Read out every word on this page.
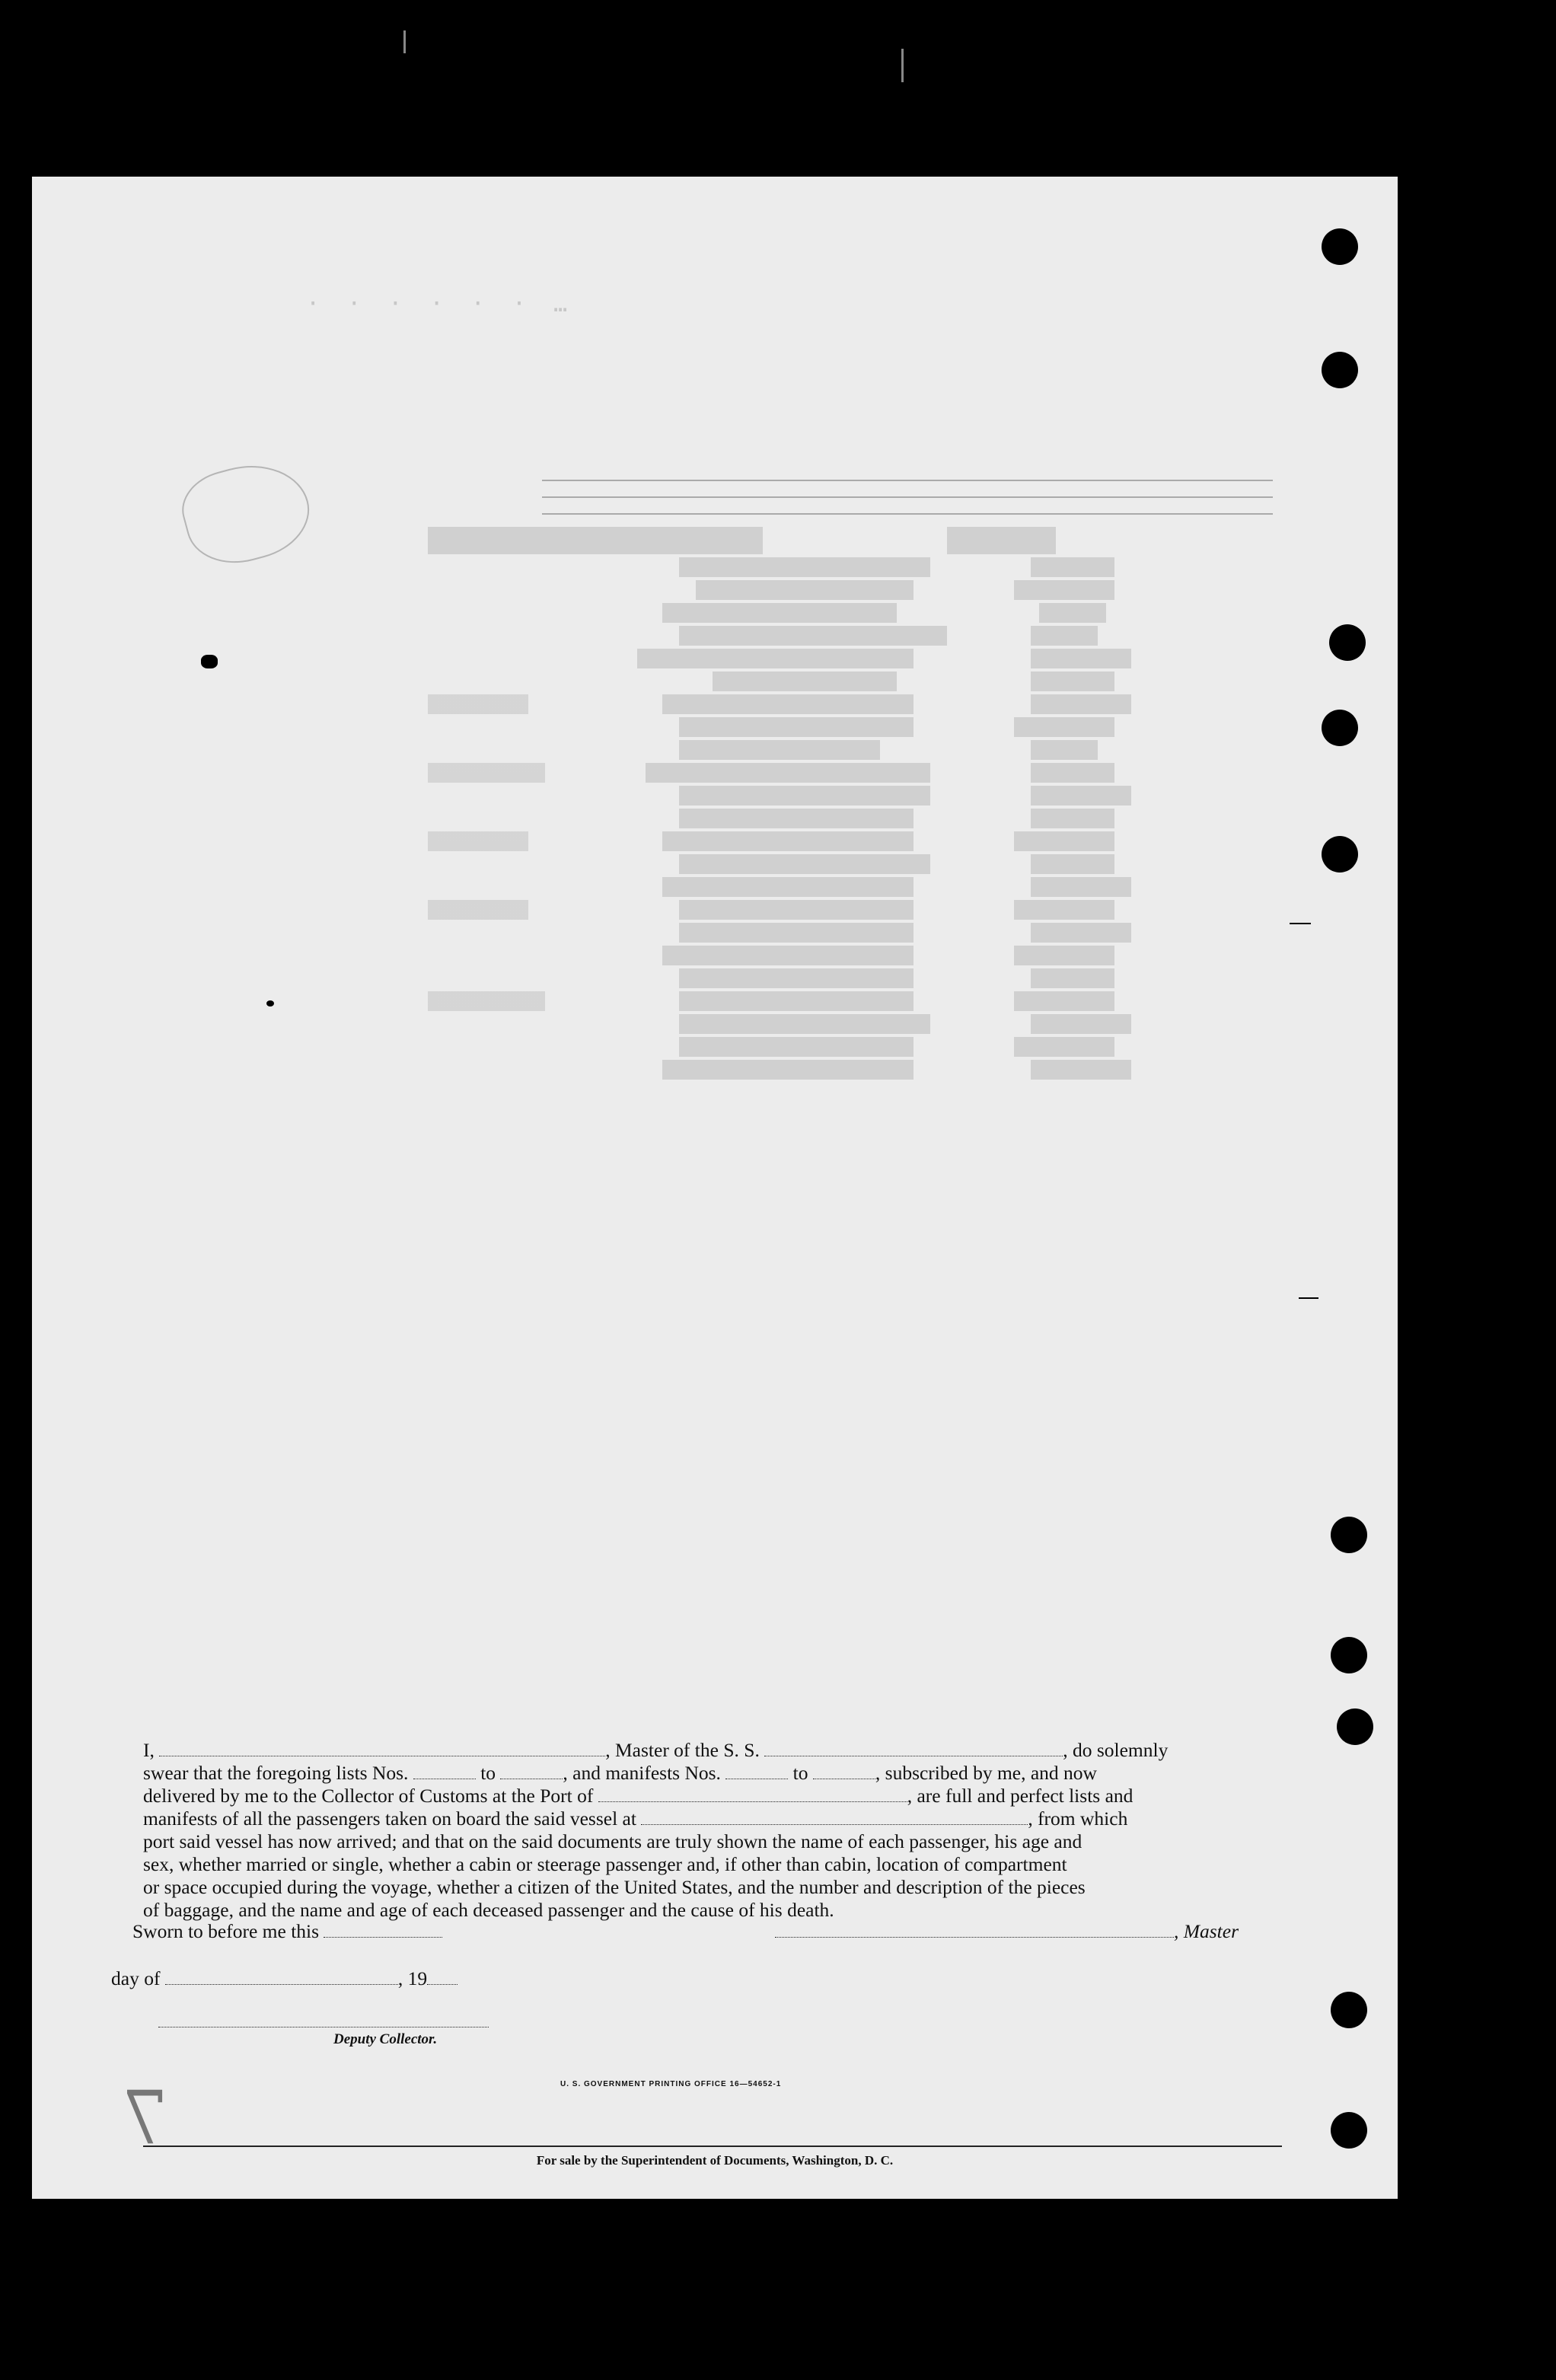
…  ·  ·  ·  ·  ·  ·
I,	, Master of the S. S.	, do solemnly
swear that the foregoing lists Nos.	to	, and manifests Nos.	to	, subscribed by me, and now
delivered by me to the Collector of Customs at the Port of	, are full and perfect lists and
manifests of all the passengers taken on board the said vessel at	, from which
port said vessel has now arrived; and that on the said documents are truly shown the name of each passenger, his age and
sex, whether married or single, whether a cabin or steerage passenger and, if other than cabin, location of compartment
or space occupied during the voyage, whether a citizen of the United States, and the number and description of the pieces
of baggage, and the name and age of each deceased passenger and the cause of his death.
Sworn to before me this	, Master
day of	, 19
Deputy Collector.
U. S. GOVERNMENT PRINTING OFFICE 16—54652-1
For sale by the Superintendent of Documents, Washington, D. C.
7
